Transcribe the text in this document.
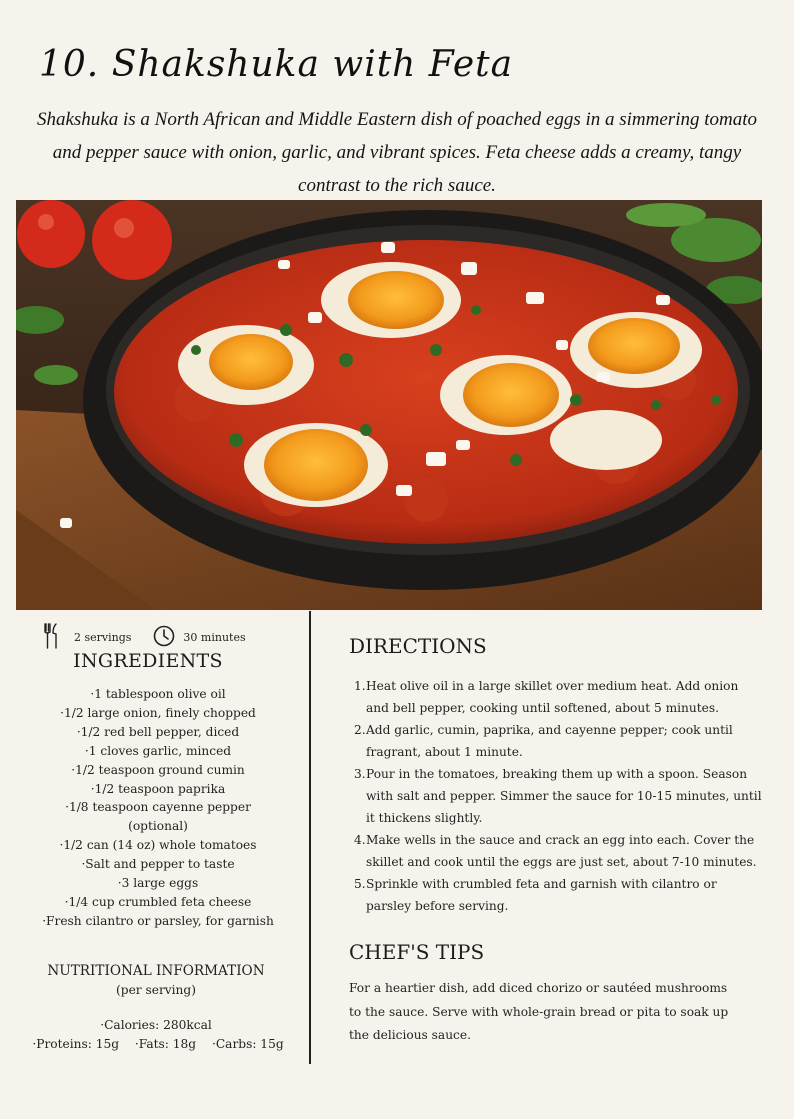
10. Shakshuka with Feta

Shakshuka is a North African and Middle Eastern dish of poached eggs in a simmering tomato and pepper sauce with onion, garlic, and vibrant spices. Feta cheese adds a creamy, tangy contrast to the rich sauce.

2 servings	30 minutes
INGREDIENTS
·1 tablespoon olive oil
·1/2 large onion, finely chopped
·1/2 red bell pepper, diced
·1 cloves garlic, minced
·1/2 teaspoon ground cumin
·1/2 teaspoon paprika
·1/8 teaspoon cayenne pepper
(optional)
·1/2 can (14 oz) whole tomatoes
·Salt and pepper to taste
·3 large eggs
·1/4 cup crumbled feta cheese
·Fresh cilantro or parsley, for garnish
NUTRITIONAL INFORMATION
(per serving)
·Calories: 280kcal
·Proteins: 15g ·Fats: 18g ·Carbs: 15g
DIRECTIONS
1. Heat olive oil in a large skillet over medium heat. Add onion and bell pepper, cooking until softened, about 5 minutes.
2. Add garlic, cumin, paprika, and cayenne pepper; cook until fragrant, about 1 minute.
3. Pour in the tomatoes, breaking them up with a spoon. Season with salt and pepper. Simmer the sauce for 10-15 minutes, until it thickens slightly.
4. Make wells in the sauce and crack an egg into each. Cover the skillet and cook until the eggs are just set, about 7-10 minutes.
5. Sprinkle with crumbled feta and garnish with cilantro or parsley before serving.
CHEF'S TIPS

For a heartier dish, add diced chorizo or sautéed mushrooms to the sauce. Serve with whole-grain bread or pita to soak up the delicious sauce.
